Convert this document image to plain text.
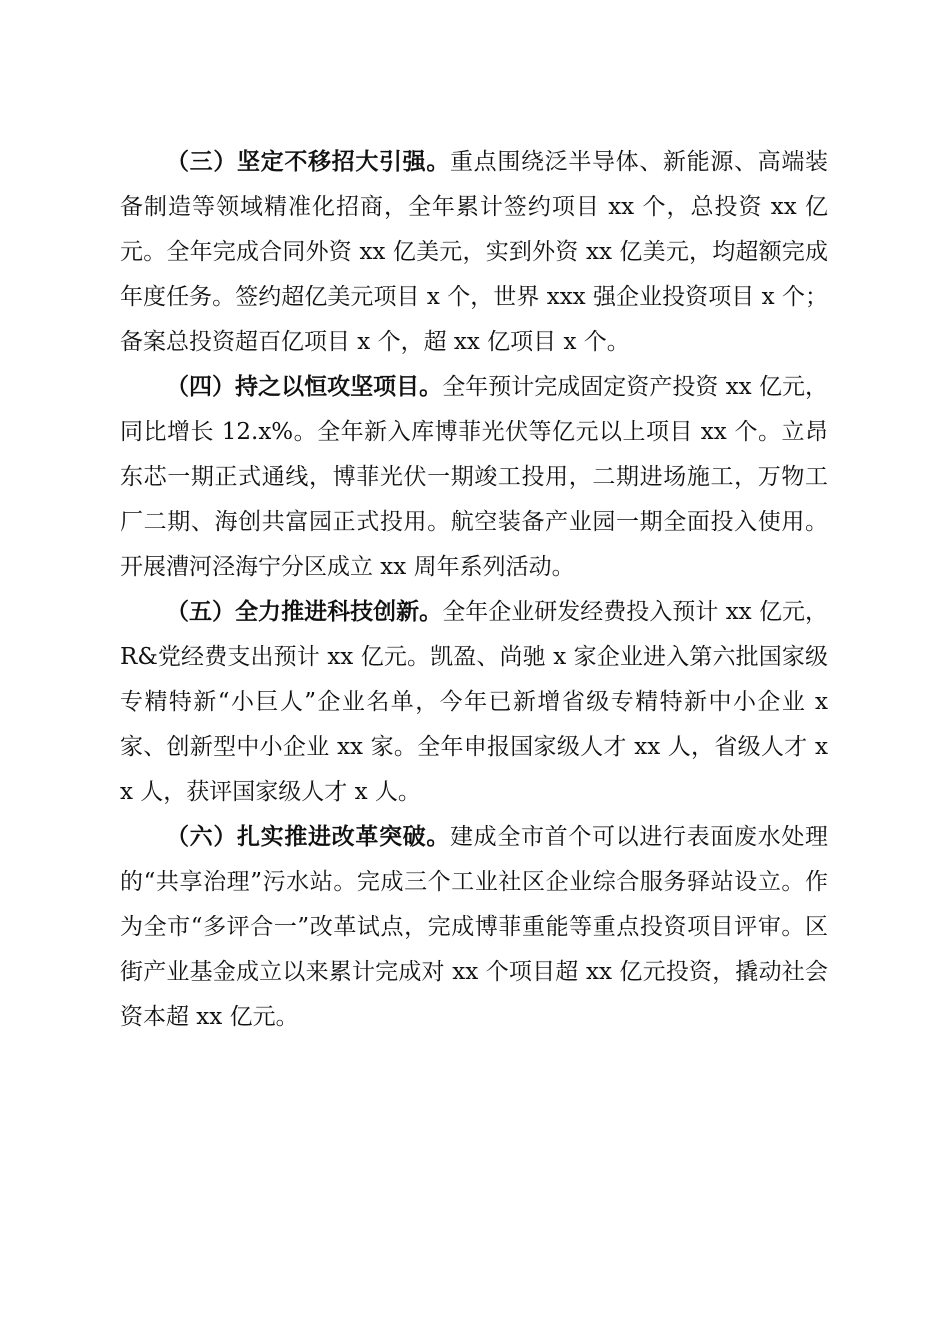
（三）坚定不移招大引强。重点围绕泛半导体、新能源、高端装备制造等领域精准化招商，全年累计签约项目 xx 个，总投资 xx 亿元。全年完成合同外资 xx 亿美元，实到外资 xx 亿美元，均超额完成年度任务。签约超亿美元项目 x 个，世界 xxx 强企业投资项目 x 个；备案总投资超百亿项目 x 个，超 xx 亿项目 x 个。

（四）持之以恒攻坚项目。全年预计完成固定资产投资 xx 亿元，同比增长 12.x%。全年新入库博菲光伏等亿元以上项目 xx 个。立昂东芯一期正式通线，博菲光伏一期竣工投用，二期进场施工，万物工厂二期、海创共富园正式投用。航空装备产业园一期全面投入使用。开展漕河泾海宁分区成立 xx 周年系列活动。

（五）全力推进科技创新。全年企业研发经费投入预计 xx 亿元，R&党经费支出预计 xx 亿元。凯盈、尚驰 x 家企业进入第六批国家级专精特新“小巨人”企业名单，今年已新增省级专精特新中小企业 x 家、创新型中小企业 xx 家。全年申报国家级人才 xx 人，省级人才 xx 人，获评国家级人才 x 人。

（六）扎实推进改革突破。建成全市首个可以进行表面废水处理的“共享治理”污水站。完成三个工业社区企业综合服务驿站设立。作为全市“多评合一”改革试点，完成博菲重能等重点投资项目评审。区街产业基金成立以来累计完成对 xx 个项目超 xx 亿元投资，撬动社会资本超 xx 亿元。
